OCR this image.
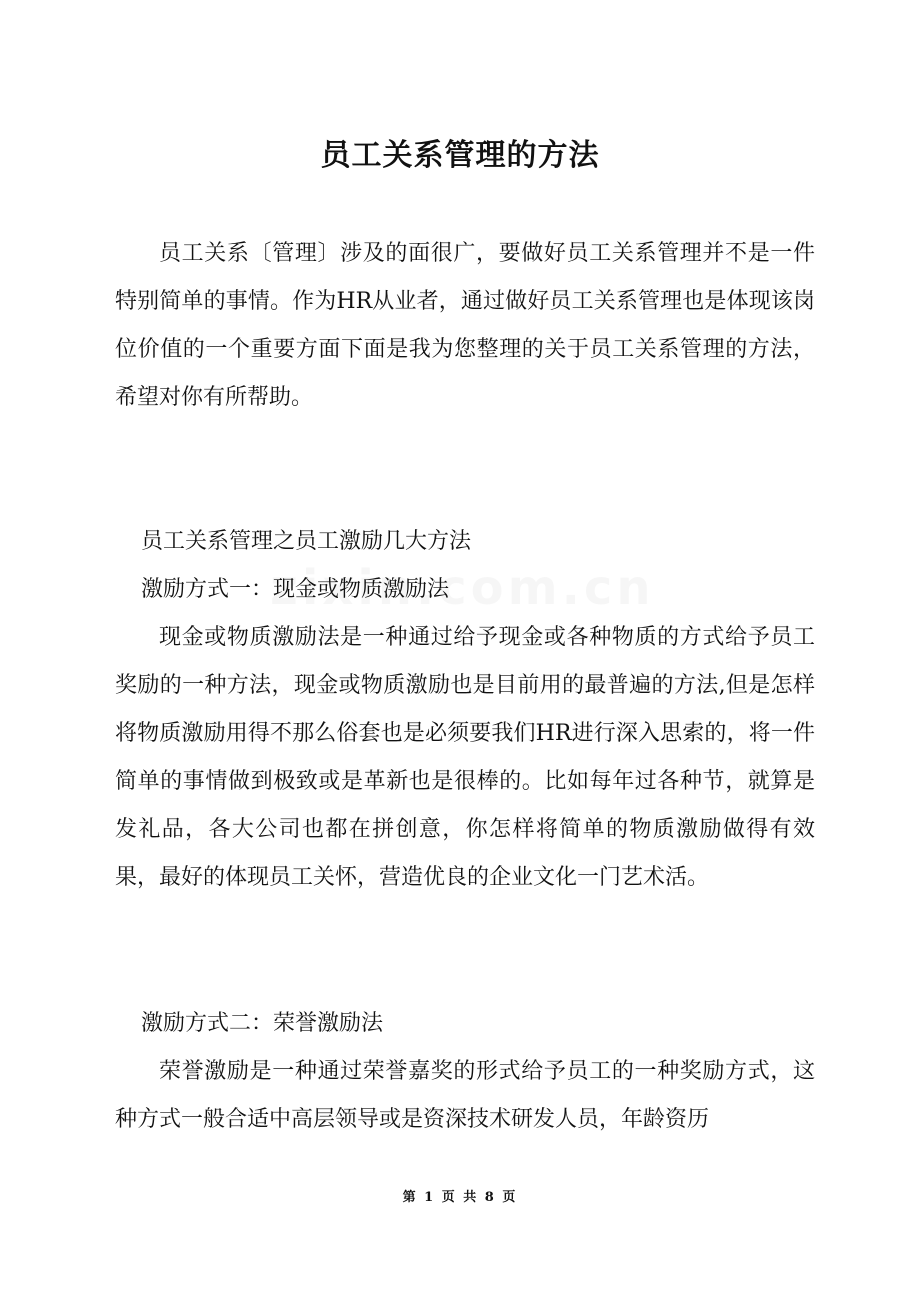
员工关系管理的方法

员工关系〔管理〕涉及的面很广，要做好员工关系管理并不是一件特别简单的事情。作为HR从业者，通过做好员工关系管理也是体现该岗位价值的一个重要方面下面是我为您整理的关于员工关系管理的方法，希望对你有所帮助。

员工关系管理之员工激励几大方法

激励方式一：现金或物质激励法

现金或物质激励法是一种通过给予现金或各种物质的方式给予员工奖励的一种方法，现金或物质激励也是目前用的最普遍的方法,但是怎样将物质激励用得不那么俗套也是必须要我们HR进行深入思索的，将一件简单的事情做到极致或是革新也是很棒的。比如每年过各种节，就算是发礼品，各大公司也都在拼创意，你怎样将简单的物质激励做得有效果，最好的体现员工关怀，营造优良的企业文化一门艺术活。

激励方式二：荣誉激励法

荣誉激励是一种通过荣誉嘉奖的形式给予员工的一种奖励方式，这种方式一般合适中高层领导或是资深技术研发人员，年龄资历

第 1 页 共 8 页
